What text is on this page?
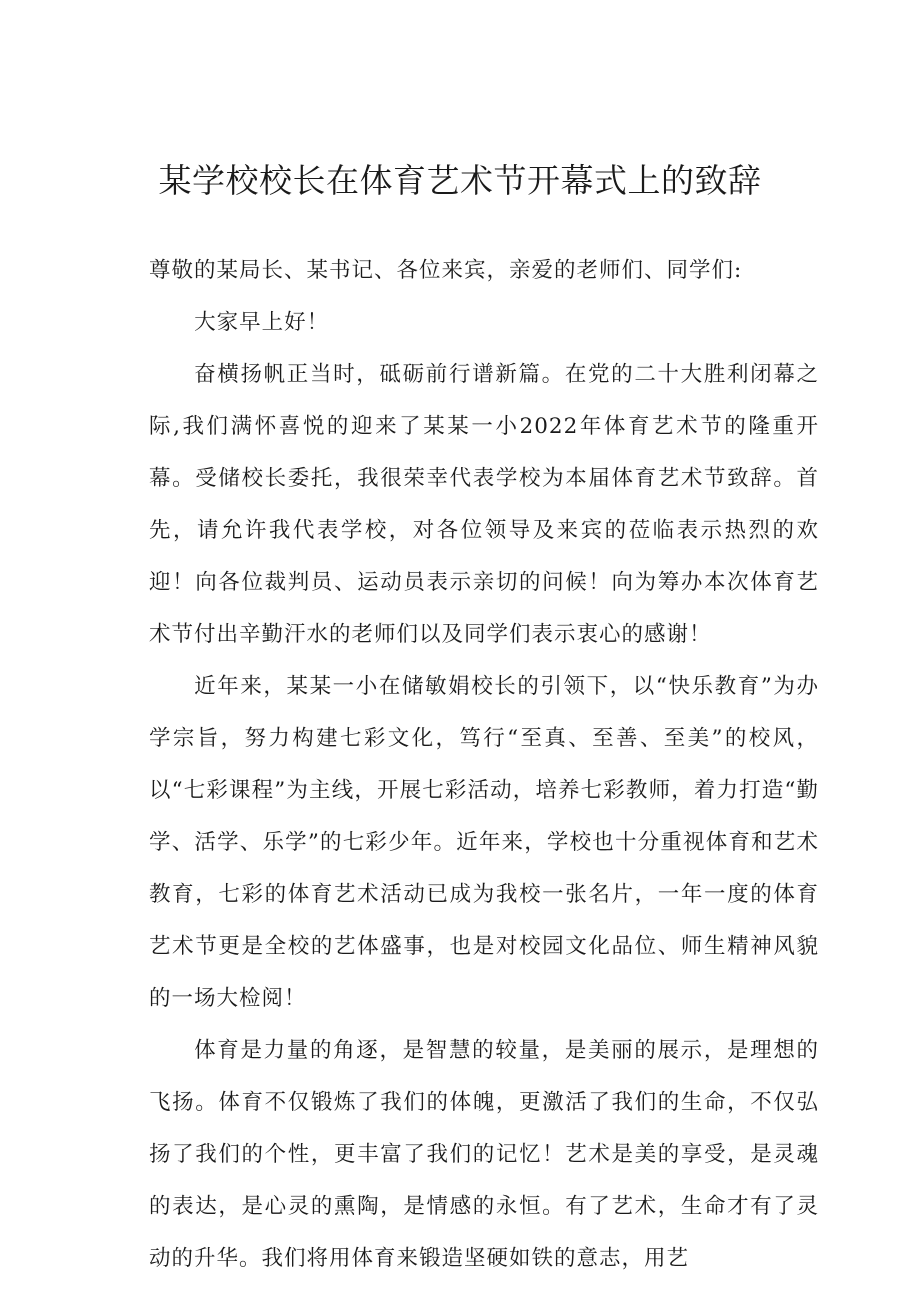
某学校校长在体育艺术节开幕式上的致辞

尊敬的某局长、某书记、各位来宾，亲爱的老师们、同学们:

大家早上好！

奋横扬帆正当时，砥砺前行谱新篇。在党的二十大胜利闭幕之际,我们满怀喜悦的迎来了某某一小2022年体育艺术节的隆重开幕。受储校长委托，我很荣幸代表学校为本届体育艺术节致辞。首先，请允许我代表学校，对各位领导及来宾的莅临表示热烈的欢迎！向各位裁判员、运动员表示亲切的问候！向为筹办本次体育艺术节付出辛勤汗水的老师们以及同学们表示衷心的感谢！

近年来，某某一小在储敏娟校长的引领下，以“快乐教育”为办学宗旨，努力构建七彩文化，笃行“至真、至善、至美”的校风，以“七彩课程”为主线，开展七彩活动，培养七彩教师，着力打造“勤学、活学、乐学”的七彩少年。近年来，学校也十分重视体育和艺术教育，七彩的体育艺术活动已成为我校一张名片，一年一度的体育艺术节更是全校的艺体盛事，也是对校园文化品位、师生精神风貌的一场大检阅！

体育是力量的角逐，是智慧的较量，是美丽的展示，是理想的飞扬。体育不仅锻炼了我们的体魄，更激活了我们的生命，不仅弘扬了我们的个性，更丰富了我们的记忆！艺术是美的享受，是灵魂的表达，是心灵的熏陶，是情感的永恒。有了艺术，生命才有了灵动的升华。我们将用体育来锻造坚硬如铁的意志，用艺
